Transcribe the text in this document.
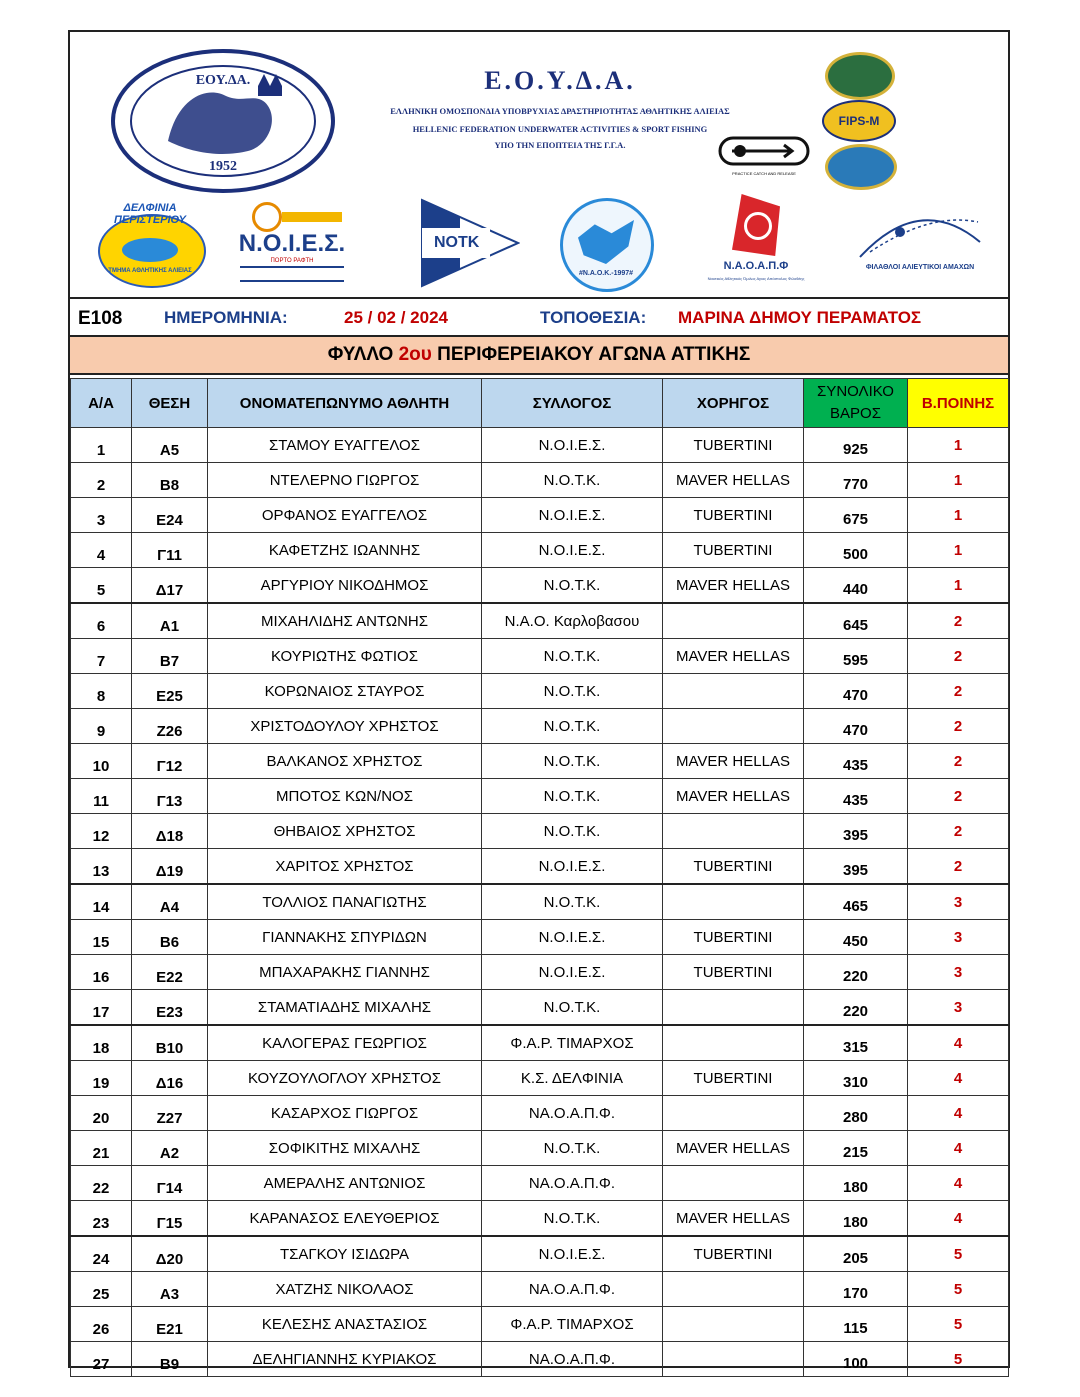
ΕΟΥ.ΔΑ.
1952
Ε.Ο.Υ.Δ.Α.
ΕΛΛΗΝΙΚΗ ΟΜΟΣΠΟΝΔΙΑ ΥΠΟΒΡΥΧΙΑΣ ΔΡΑΣΤΗΡΙΟΤΗΤΑΣ ΑΘΛΗΤΙΚΗΣ ΑΛΙΕΙΑΣ
HELLENIC FEDERATION UNDERWATER ACTIVITIES & SPORT FISHING
ΥΠΟ ΤΗΝ ΕΠΟΠΤΕΙΑ ΤΗΣ Γ.Γ.Α.
PRACTICE CATCH AND RELEASE
FIPS-M
ΔΕΛΦΙΝΙΑ ΠΕΡΙΣΤΕΡΙΟΥ
ΤΜΗΜΑ ΑΘΛΗΤΙΚΗΣ ΑΛΙΕΙΑΣ
Ν.Ο.Ι.Ε.Σ.
ΠΟΡΤΟ ΡΑΦΤΗ
NOTK
#Ν.Α.Ο.Κ.-1997#
Ν.Α.Ο.Α.Π.Φ
Ναυτικός Αθλητικός Όμιλος Αγιος Απόστολος Φιλοθέης
ΦΙΛΑΘΛΟΙ ΑΛΙΕΥΤΙΚΟΙ ΑΜΑΧΩΝ
E108 ΗΜΕΡΟΜΗΝΙΑ:	25 / 02 / 2024	ΤΟΠΟΘΕΣΙΑ: ΜΑΡΙΝΑ ΔΗΜΟΥ ΠΕΡΑΜΑΤΟΣ
ΦΥΛΛΟ 2ου ΠΕΡΙΦΕΡΕΙΑΚΟΥ ΑΓΩΝΑ ΑΤΤΙΚΗΣ
Α/Α	ΘΕΣΗ	ΟΝΟΜΑΤΕΠΩΝΥΜΟ ΑΘΛΗΤΗ	ΣΥΛΛΟΓΟΣ	ΧΟΡΗΓΟΣ	ΣΥΝΟΛΙΚΟ
ΒΑΡΟΣ	Β.ΠΟΙΝΗΣ
1	Α5	ΣΤΑΜΟΥ ΕΥΑΓΓΕΛΟΣ	Ν.Ο.Ι.Ε.Σ.	TUBERTINI	925	1
2	Β8	ΝΤΕΛΕΡΝΟ ΓΙΩΡΓΟΣ	Ν.Ο.Τ.Κ.	MAVER HELLAS	770	1
3	Ε24	ΟΡΦΑΝΟΣ ΕΥΑΓΓΕΛΟΣ	Ν.Ο.Ι.Ε.Σ.	TUBERTINI	675	1
4	Γ11	ΚΑΦΕΤΖΗΣ ΙΩΑΝΝΗΣ	Ν.Ο.Ι.Ε.Σ.	TUBERTINI	500	1
5	Δ17	ΑΡΓΥΡΙΟΥ ΝΙΚΟΔΗΜΟΣ	Ν.Ο.Τ.Κ.	MAVER HELLAS	440	1
6	Α1	ΜΙΧΑΗΛΙΔΗΣ ΑΝΤΩΝΗΣ	Ν.Α.Ο. Καρλοβασου		645	2
7	Β7	ΚΟΥΡΙΩΤΗΣ ΦΩΤΙΟΣ	Ν.Ο.Τ.Κ.	MAVER HELLAS	595	2
8	Ε25	ΚΟΡΩΝΑΙΟΣ ΣΤΑΥΡΟΣ	Ν.Ο.Τ.Κ.		470	2
9	Ζ26	ΧΡΙΣΤΟΔΟΥΛΟΥ ΧΡΗΣΤΟΣ	Ν.Ο.Τ.Κ.		470	2
10	Γ12	ΒΑΛΚΑΝΟΣ ΧΡΗΣΤΟΣ	Ν.Ο.Τ.Κ.	MAVER HELLAS	435	2
11	Γ13	ΜΠΟΤΟΣ ΚΩΝ/ΝΟΣ	Ν.Ο.Τ.Κ.	MAVER HELLAS	435	2
12	Δ18	ΘΗΒΑΙΟΣ ΧΡΗΣΤΟΣ	Ν.Ο.Τ.Κ.		395	2
13	Δ19	ΧΑΡΙΤΟΣ ΧΡΗΣΤΟΣ	Ν.Ο.Ι.Ε.Σ.	TUBERTINI	395	2
14	Α4	ΤΟΛΛΙΟΣ ΠΑΝΑΓΙΩΤΗΣ	Ν.Ο.Τ.Κ.		465	3
15	Β6	ΓΙΑΝΝΑΚΗΣ ΣΠΥΡΙΔΩΝ	Ν.Ο.Ι.Ε.Σ.	TUBERTINI	450	3
16	Ε22	ΜΠΑΧΑΡΑΚΗΣ ΓΙΑΝΝΗΣ	Ν.Ο.Ι.Ε.Σ.	TUBERTINI	220	3
17	Ε23	ΣΤΑΜΑΤΙΑΔΗΣ ΜΙΧΑΛΗΣ	Ν.Ο.Τ.Κ.		220	3
18	Β10	ΚΑΛΟΓΕΡΑΣ ΓΕΩΡΓΙΟΣ	Φ.Α.Ρ. ΤΙΜΑΡΧΟΣ		315	4
19	Δ16	ΚΟΥΖΟΥΛΟΓΛΟΥ ΧΡΗΣΤΟΣ	Κ.Σ. ΔΕΛΦΙΝΙΑ	TUBERTINI	310	4
20	Ζ27	ΚΑΣΑΡΧΟΣ ΓΙΩΡΓΟΣ	ΝΑ.Ο.Α.Π.Φ.		280	4
21	Α2	ΣΟΦΙΚΙΤΗΣ ΜΙΧΑΛΗΣ	Ν.Ο.Τ.Κ.	MAVER HELLAS	215	4
22	Γ14	ΑΜΕΡΑΛΗΣ ΑΝΤΩΝΙΟΣ	ΝΑ.Ο.Α.Π.Φ.		180	4
23	Γ15	ΚΑΡΑΝΑΣΟΣ ΕΛΕΥΘΕΡΙΟΣ	Ν.Ο.Τ.Κ.	MAVER HELLAS	180	4
24	Δ20	ΤΣΑΓΚΟΥ ΙΣΙΔΩΡΑ	Ν.Ο.Ι.Ε.Σ.	TUBERTINI	205	5
25	Α3	ΧΑΤΖΗΣ ΝΙΚΟΛΑΟΣ	ΝΑ.Ο.Α.Π.Φ.		170	5
26	Ε21	ΚΕΛΕΣΗΣ ΑΝΑΣΤΑΣΙΟΣ	Φ.Α.Ρ. ΤΙΜΑΡΧΟΣ		115	5
27	Β9	ΔΕΛΗΓΙΑΝΝΗΣ ΚΥΡΙΑΚΟΣ	ΝΑ.Ο.Α.Π.Φ.		100	5
